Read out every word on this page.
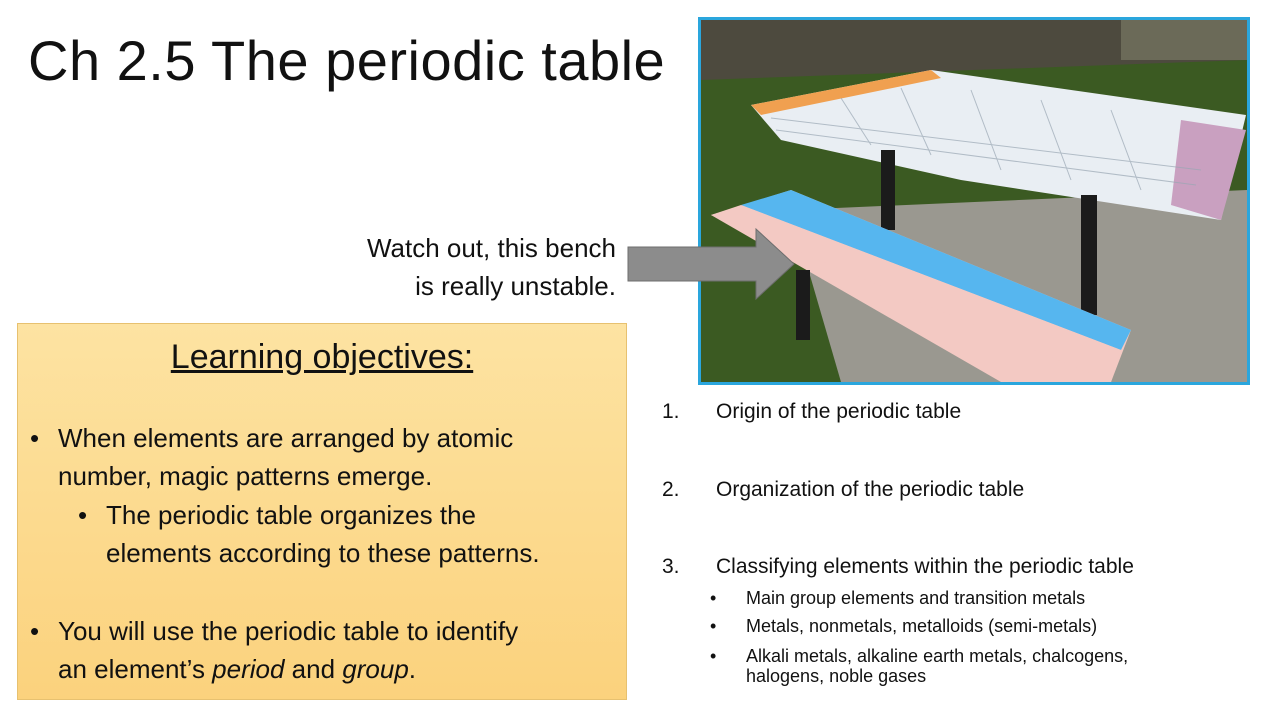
Ch 2.5 The periodic table
Watch out, this bench
is really unstable.
Learning objectives:
• When elements are arranged by atomic
number, magic patterns emerge.
• The periodic table organizes the
elements according to these patterns.
• You will use the periodic table to identify
an element’s period and group.
1. Origin of the periodic table
2. Organization of the periodic table
3. Classifying elements within the periodic table
• Main group elements and transition metals
• Metals, nonmetals, metalloids (semi-metals)
• Alkali metals, alkaline earth metals, chalcogens,
halogens, noble gases
